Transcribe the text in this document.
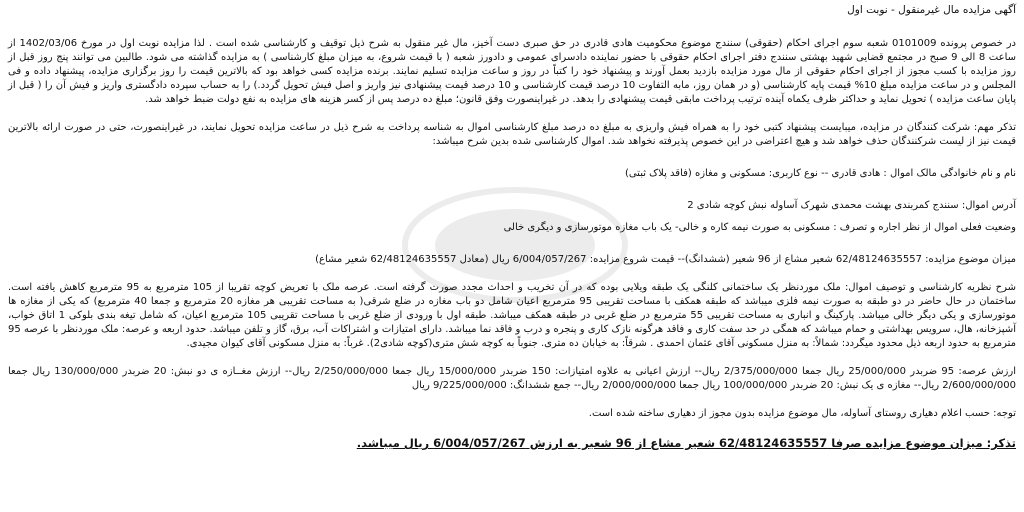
آگهی مزایده مال غیرمنقول - نوبت اول

در خصوص پرونده 0101009 شعبه سوم اجرای احکام (حقوقی) سنندج موضوع محکومیت هادی قادری در حق صبری دست آخیز، مال غیر منقول به شرح ذیل توقیف و کارشناسی شده است . لذا مزایده نوبت اول در مورخ 1402/03/06 از ساعت 8 الی 9 صبح در مجتمع قضایی شهید بهشتی سنندج دفتر اجرای احکام حقوقی با حضور نماینده دادسرای عمومی و دادورز شعبه ( با قیمت شروع، به میزان مبلغ کارشناسی ) به مزایده گذاشته می شود. طالبین می توانند پنج روز قبل از روز مزایده با کسب مجوز از اجرای احکام حقوقی از مال مورد مزایده بازدید بعمل آورند و پیشنهاد خود را کتباً در روز و ساعت مزایده تسلیم نمایند. برنده مزایده کسی خواهد بود که بالاترین قیمت را روز برگزاری مزایده، پیشنهاد داده و فی المجلس و در ساعت مزایده مبلغ 10% قیمت پایه کارشناسی (و در همان روز، مابه التفاوت 10 درصد قیمت کارشناسی و 10 درصد قیمت پیشنهادی نیز واریز و اصل فیش تحویل گردد.) را به حساب سپرده دادگستری واریز و فیش آن را ( قبل از پایان ساعت مزایده ) تحویل نماید و حداکثر ظرف یکماه آینده ترتیب پرداخت مابقی قیمت پیشنهادی را بدهد. در غیراینصورت وفق قانون؛ مبلغ ده درصد پس از کسر هزینه های مزایده به نفع دولت ضبط خواهد شد.

تذکر مهم: شرکت کنندگان در مزایده، میبایست پیشنهاد کتبی خود را به همراه فیش واریزی به مبلغ ده درصد مبلغ کارشناسی اموال به شناسه پرداخت به شرح ذیل در ساعت مزایده تحویل نمایند، در غیراینصورت، حتی در صورت ارائه بالاترین قیمت نیز از لیست شرکنندگان حذف خواهد شد و هیچ اعتراضی در این خصوص پذیرفته نخواهد شد. اموال کارشناسی شده بدین شرح میباشد:

نام و نام خانوادگی مالک اموال : هادی قادری -- نوع کاربری: مسکونی و مغازه (فاقد پلاک ثبتی)

آدرس اموال: سنندج کمربندی بهشت محمدی شهرک آساوله نبش کوچه شادی 2

وضعیت فعلی اموال از نظر اجاره و تصرف : مسکونی به صورت نیمه کاره و خالی- یک باب مغازه موتورسازی و دیگری خالی

میزان موضوع مزایده: 62/48124635557 شعیر مشاع از 96 شعیر (ششدانگ)-- قیمت شروع مزایده: 6/004/057/267 ریال (معادل 62/48124635557 شعیر مشاع)

شرح نظریه کارشناسی و توصیف اموال: ملک موردنظر یک ساختمانی کلنگی یک طبقه ویلایی بوده که در آن تخریب و احداث مجدد صورت گرفته است. عرصه ملک با تعریض کوچه تقریبا از 105 مترمربع به 95 مترمربع کاهش یافته است. ساختمان در حال حاضر در دو طبقه به صورت نیمه فلزی میباشد که طبقه همکف با مساحت تقریبی 95 مترمربع اعیان شامل دو باب مغازه در ضلع شرقی( به مساحت تقریبی هر مغازه 20 مترمربع و جمعا 40 مترمربع) که یکی از مغازه ها موتورسازی و یکی دیگر خالی میباشد. پارکینگ و انباری به مساحت تقریبی 55 مترمربع در ضلع غربی در طبقه همکف میباشد. طبقه اول با ورودی از ضلع غربی با مساحت تقریبی 105 مترمربع اعیان، که شامل تیغه بندی بلوکی 1 اتاق خواب، آشپزخانه، هال، سرویس بهداشتی و حمام میباشد که همگی در حد سفت کاری و فاقد هرگونه نازک کاری و پنجره و درب و فاقد نما میباشد. دارای امتیازات و اشتراکات آب، برق، گاز و تلفن میباشد. حدود اربعه و عرصه: ملک موردنظر با عرصه 95 مترمربع به حدود اربعه ذیل محدود میگردد: شمالاً: به منزل مسکونی آقای عثمان احمدی . شرقاً: به خیابان ده متری. جنوباً به کوچه شش متری(کوچه شادی2). غرباً: به منزل مسکونی آقای کیوان مجیدی.

ارزش عرصه: 95 ضربدر 25/000/000 ریال جمعا 2/375/000/000 ریال-- ارزش اعیانی به علاوه امتیازات: 150 ضربدر 15/000/000 ریال جمعا 2/250/000/000 ریال-- ارزش مغــازه ی دو نبش: 20 ضربدر 130/000/000 ریال جمعا 2/600/000/000 ریال-- مغازه ی یک نبش: 20 ضربدر 100/000/000 ریال جمعا 2/000/000/000 ریال-- جمع ششدانگ: 9/225/000/000 ریال

توجه: حسب اعلام دهیاری روستای آساوله، مال موضوع مزایده بدون مجوز از دهیاری ساخته شده است.

تذکر: میزان موضوع مزایده صرفا 62/48124635557 شعیر مشاع از 96 شعیر به ارزش 6/004/057/267 ریال میباشد.
